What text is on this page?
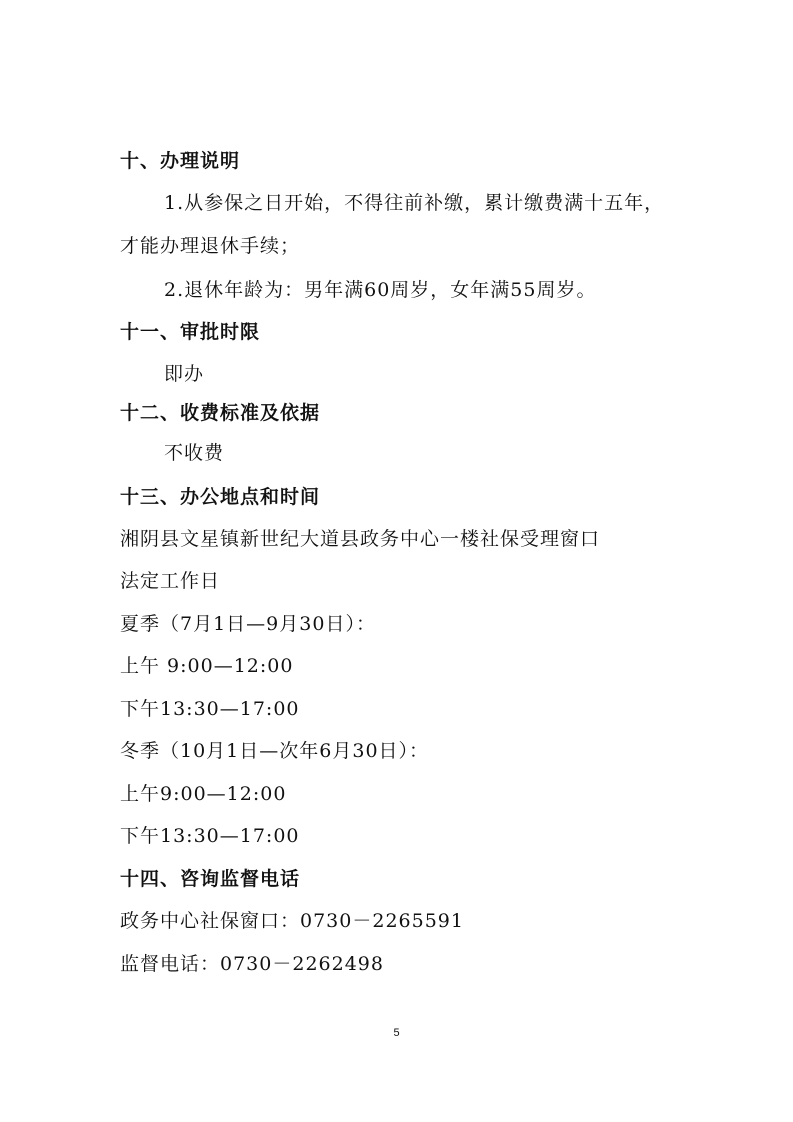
十、办理说明
1.从参保之日开始，不得往前补缴，累计缴费满十五年，
才能办理退休手续；
2.退休年龄为：男年满60周岁，女年满55周岁。
十一、审批时限
即办
十二、收费标准及依据
不收费
十三、办公地点和时间
湘阴县文星镇新世纪大道县政务中心一楼社保受理窗口
法定工作日
夏季（7月1日—9月30日）：
上午 9:00—12:00
下午13:30—17:00
冬季（10月1日—次年6月30日）：
上午9:00—12:00
下午13:30—17:00
十四、咨询监督电话
政务中心社保窗口：0730－2265591
监督电话：0730－2262498
5
